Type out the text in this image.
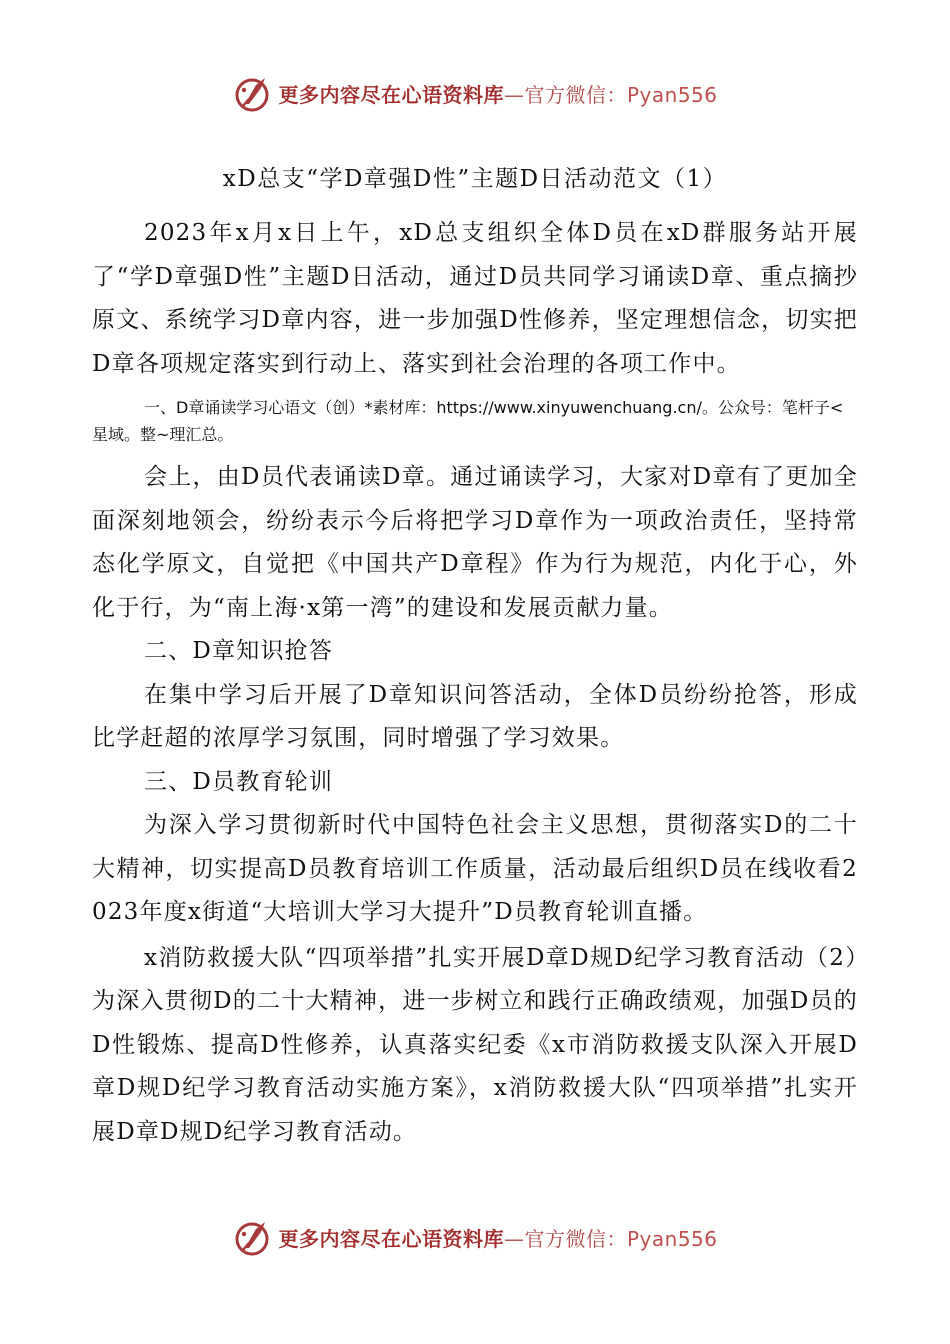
更多内容尽在心语资料库—官方微信：Pyan556
xD总支“学D章强D性”主题D日活动范文（1）

2023年x月x日上午，xD总支组织全体D员在xD群服务站开展了“学D章强D性”主题D日活动，通过D员共同学习诵读D章、重点摘抄原文、系统学习D章内容，进一步加强D性修养，坚定理想信念，切实把D章各项规定落实到行动上、落实到社会治理的各项工作中。

一、D章诵读学习心语文（创）*素材库：https://www.xinyuwenchuang.cn/。公众号：笔杆子<星域。整~理汇总。

会上，由D员代表诵读D章。通过诵读学习，大家对D章有了更加全面深刻地领会，纷纷表示今后将把学习D章作为一项政治责任，坚持常态化学原文，自觉把《中国共产D章程》作为行为规范，内化于心，外化于行，为“南上海·x第一湾”的建设和发展贡献力量。

二、D章知识抢答

在集中学习后开展了D章知识问答活动，全体D员纷纷抢答，形成比学赶超的浓厚学习氛围，同时增强了学习效果。

三、D员教育轮训

为深入学习贯彻新时代中国特色社会主义思想，贯彻落实D的二十大精神，切实提高D员教育培训工作质量，活动最后组织D员在线收看2023年度x街道“大培训大学习大提升”D员教育轮训直播。

x消防救援大队“四项举措”扎实开展D章D规D纪学习教育活动（2）为深入贯彻D的二十大精神，进一步树立和践行正确政绩观，加强D员的D性锻炼、提高D性修养，认真落实纪委《x市消防救援支队深入开展D章D规D纪学习教育活动实施方案》，x消防救援大队“四项举措”扎实开展D章D规D纪学习教育活动。

更多内容尽在心语资料库—官方微信：Pyan556
